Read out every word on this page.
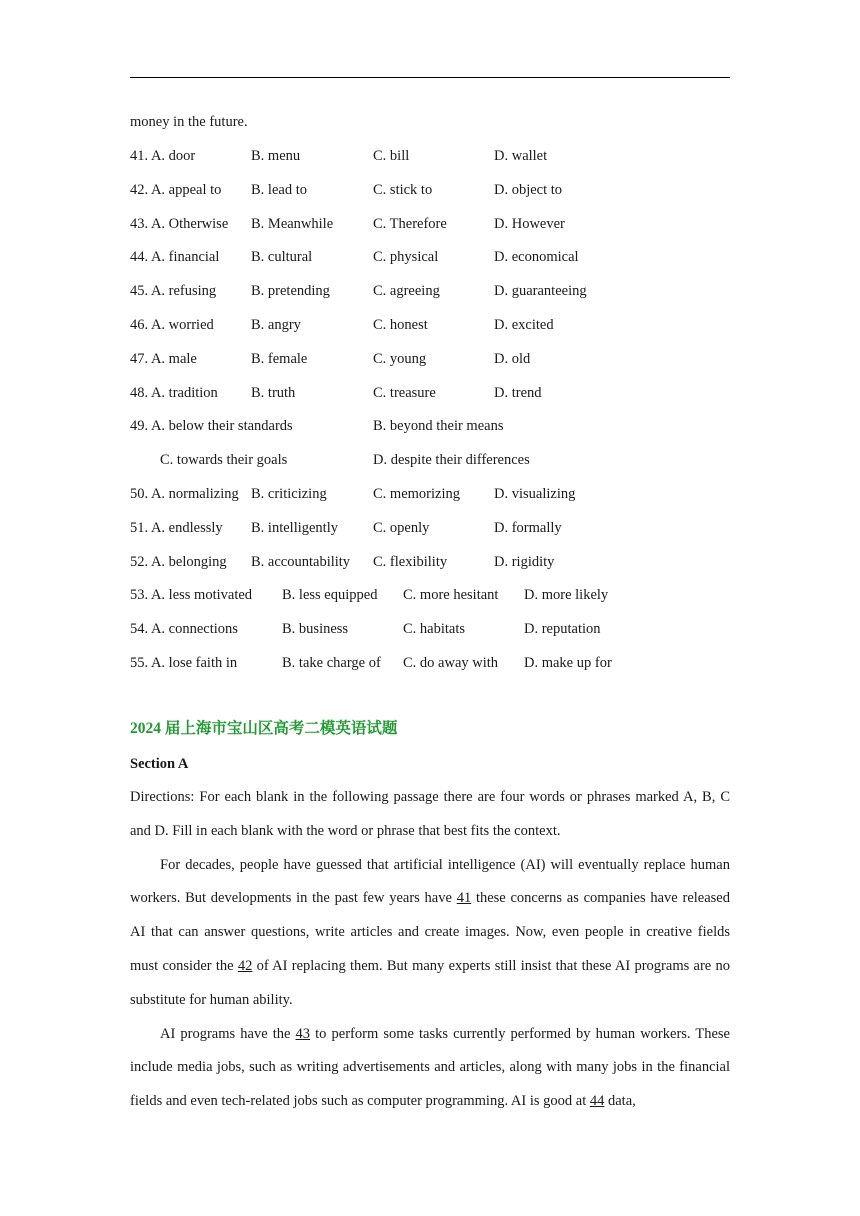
money in the future.
41. A. door	B. menu	C. bill	D. wallet
42. A. appeal to B. lead to	C. stick to	D. object to
43. A. Otherwise B. Meanwhile	C. Therefore	D. However
44. A. financial B. cultural	C. physical	D. economical
45. A. refusing B. pretending	C. agreeing	D. guaranteeing
46. A. worried	B. angry	C. honest	D. excited
47. A. male	B. female	C. young	D. old
48. A. tradition B. truth	C. treasure	D. trend
49. A. below their standards	B. beyond their means
C. towards their goals	D. despite their differences
50. A. normalizing B. criticizing	C. memorizing D. visualizing
51. A. endlessly B. intelligently C. openly	D. formally
52. A. belonging B. accountability C. flexibility	D. rigidity
53. A. less motivated B. less equipped C. more hesitant D. more likely
54. A. connections	B. business	C. habitats	D. reputation
55. A. lose faith in	B. take charge of C. do away with D. make up for
2024 届上海市宝山区高考二模英语试题
Section A

Directions: For each blank in the following passage there are four words or phrases marked A, B, C and D. Fill in each blank with the word or phrase that best fits the context.

For decades, people have guessed that artificial intelligence (AI) will eventually replace human workers. But developments in the past few years have 41 these concerns as companies have released AI that can answer questions, write articles and create images. Now, even people in creative fields must consider the 42 of AI replacing them. But many experts still insist that these AI programs are no substitute for human ability.

AI programs have the 43 to perform some tasks currently performed by human workers. These include media jobs, such as writing advertisements and articles, along with many jobs in the financial fields and even tech-related jobs such as computer programming. AI is good at 44 data,
